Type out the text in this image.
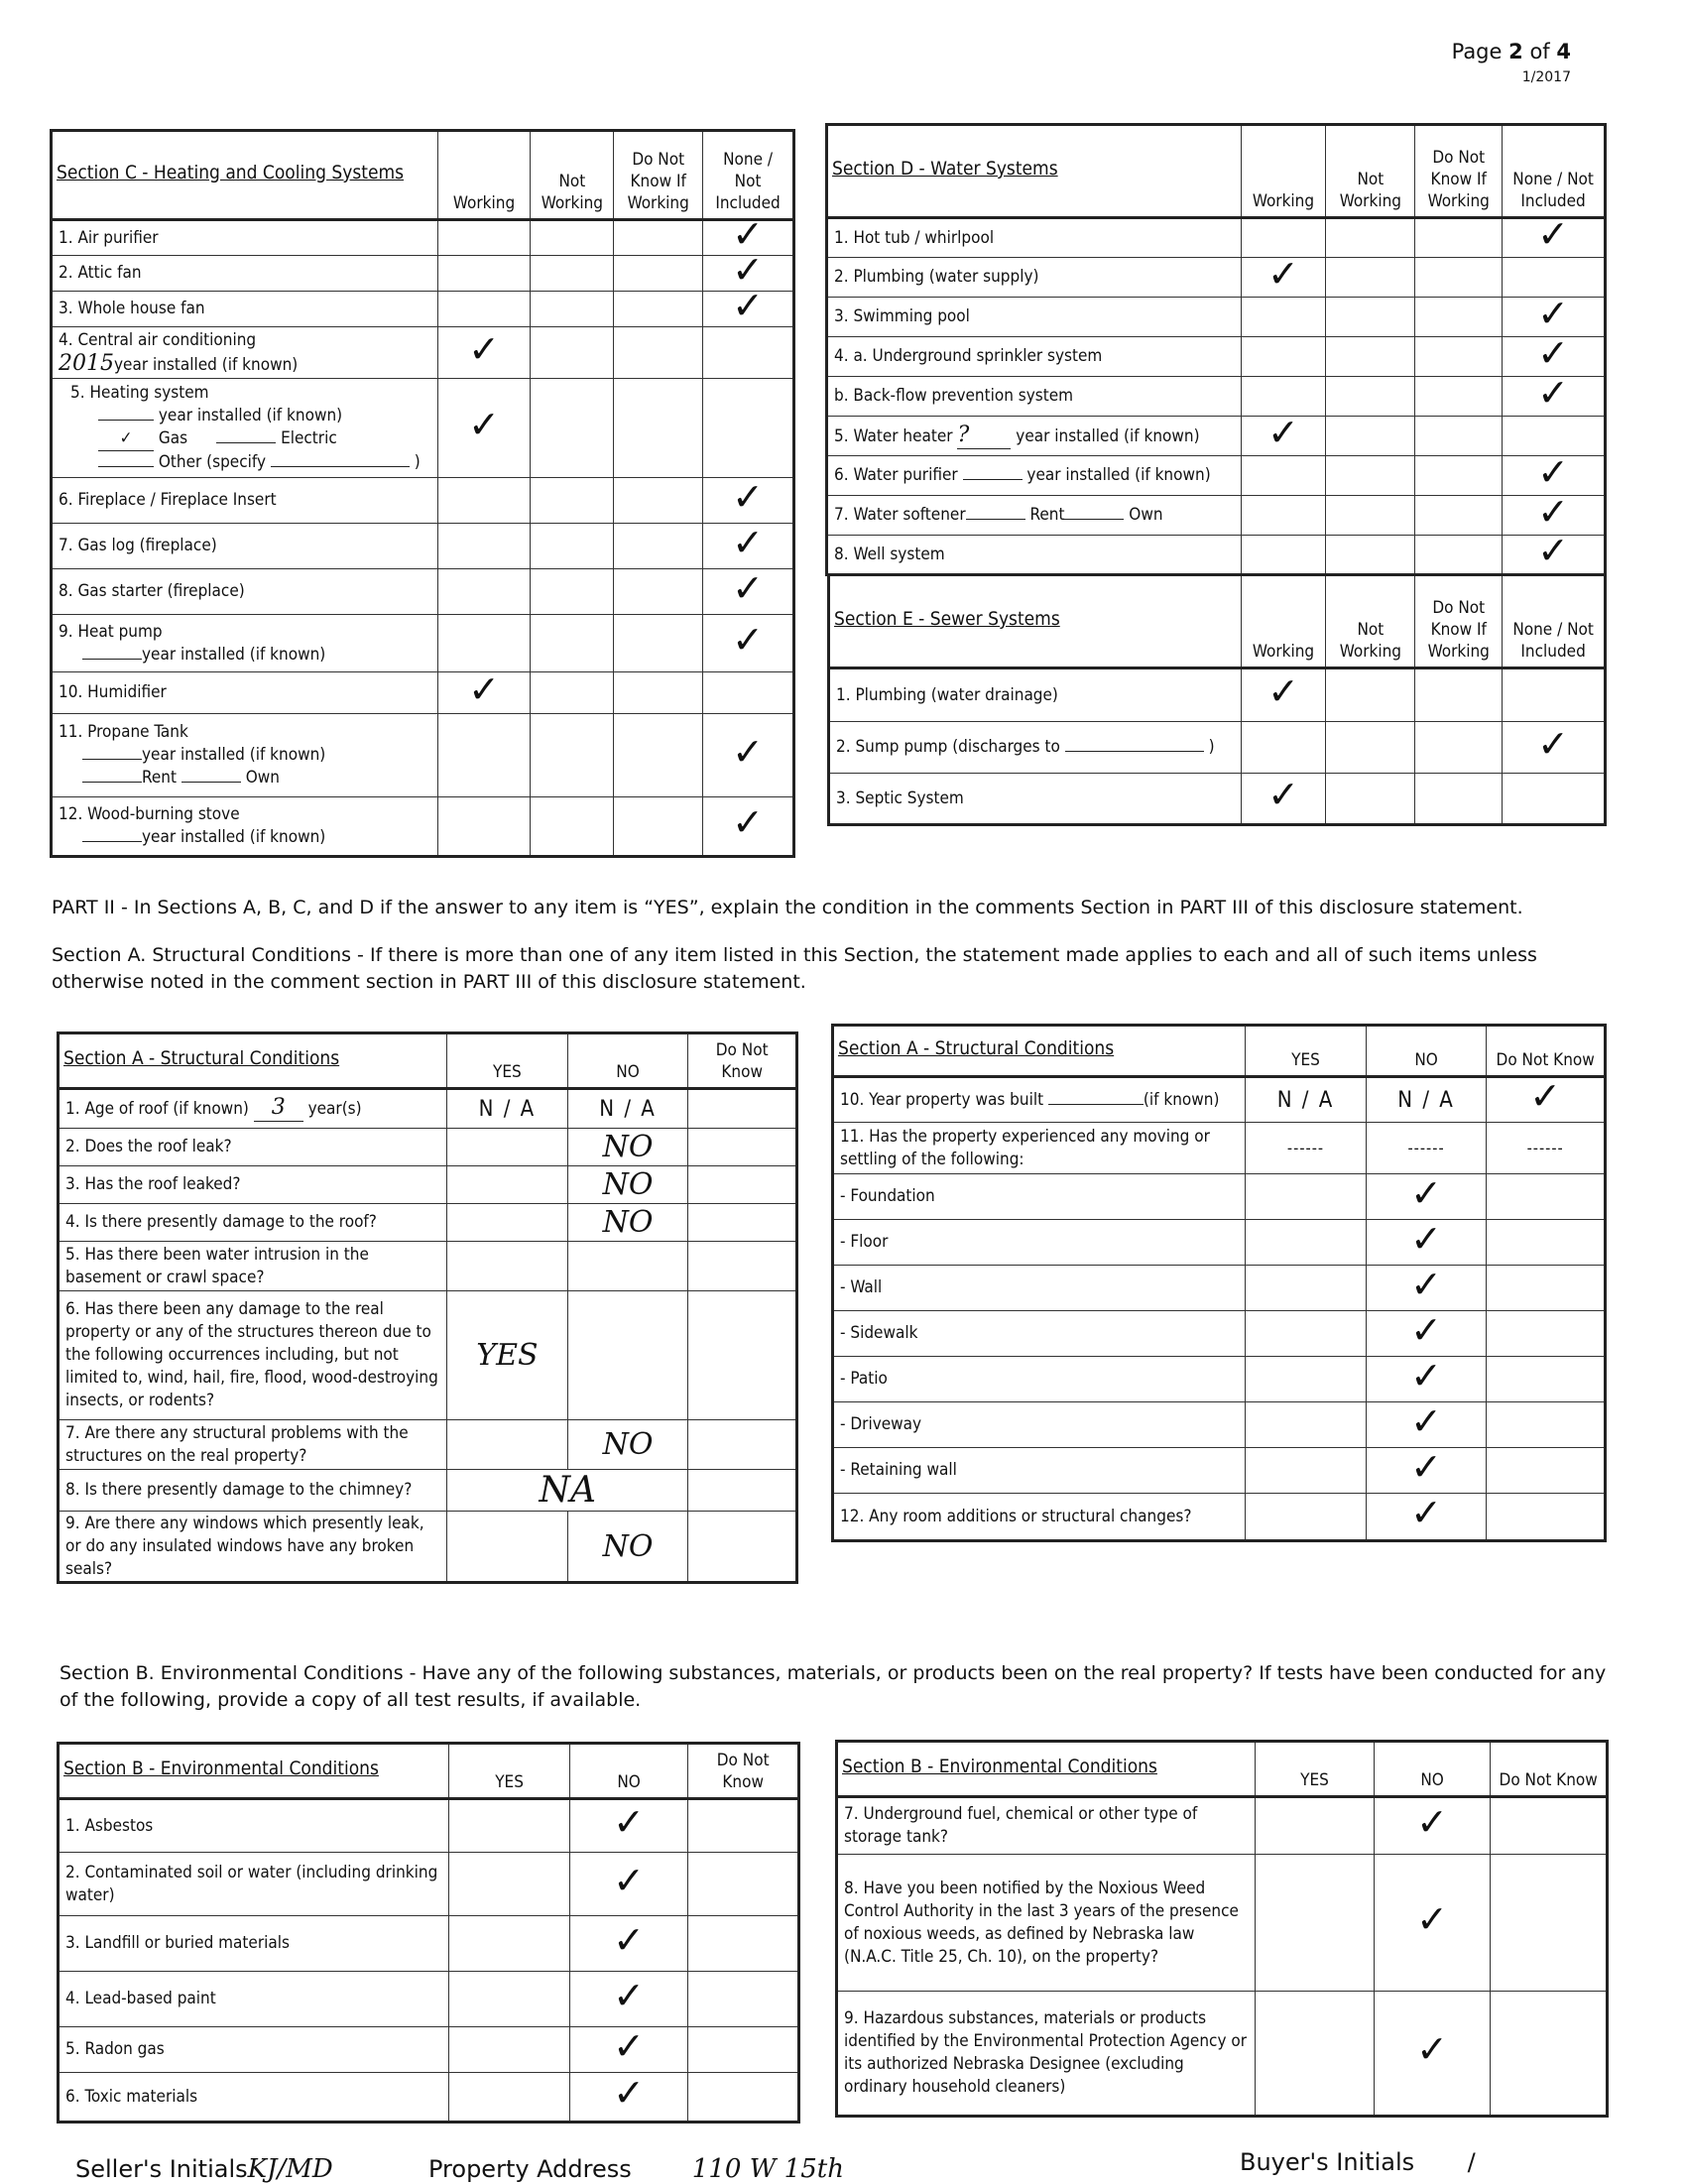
Page 2 of 4
1/2017
Section C - Heating and Cooling Systems	Working	Not Working	Do Not Know If Working	None / Not Included
1. Air purifier				✓
2. Attic fan				✓
3. Whole house fan				✓

4. Central air conditioning
2015year installed (if known)	✓			

5. Heating system
year installed (if known)
✓ Gas Electric
Other (specify )	✓			
6. Fireplace / Fireplace Insert				✓
7. Gas log (fireplace)				✓
8. Gas starter (fireplace)				✓

9. Heat pump
year installed (if known)				✓
10. Humidifier	✓			

11. Propane Tank
year installed (if known)
Rent Own				✓

12. Wood-burning stove
year installed (if known)				✓
Section D - Water Systems	Working	Not Working	Do Not Know If Working	None / Not Included
1. Hot tub / whirlpool				✓
2. Plumbing (water supply)	✓			
3. Swimming pool				✓
4. a. Underground sprinkler system				✓
b. Back-flow prevention system				✓
5. Water heater ? year installed (if known)	✓			
6. Water purifier year installed (if known)				✓
7. Water softener Rent Own				✓
8. Well system				✓
Section E - Sewer Systems	Working	Not Working	Do Not Know If Working	None / Not Included
1. Plumbing (water drainage)	✓			
2. Sump pump (discharges to )				✓
3. Septic System	✓			
PART II - In Sections A, B, C, and D if the answer to any item is “YES”, explain the condition in the comments Section in PART III of this disclosure statement.
Section A. Structural Conditions - If there is more than one of any item listed in this Section, the statement made applies to each and all of such items unless otherwise noted in the comment section in PART III of this disclosure statement.
Section A - Structural Conditions	YES	NO	Do Not Know
1. Age of roof (if known) 3 year(s)	N / A	N / A	
2. Does the roof leak?		NO	
3. Has the roof leaked?		NO	
4. Is there presently damage to the roof?		NO	
5. Has there been water intrusion in the basement or crawl space?			
6. Has there been any damage to the real property or any of the structures thereon due to the following occurrences including, but not limited to, wind, hail, fire, flood, wood-destroying insects, or rodents?	YES		
7. Are there any structural problems with the structures on the real property?		NO	
8. Is there presently damage to the chimney?	NA		
9. Are there any windows which presently leak, or do any insulated windows have any broken seals?		NO	
Section A - Structural Conditions	YES	NO	Do Not Know
10. Year property was built (if known)	N / A	N / A	✓
11. Has the property experienced any moving or settling of the following:	------	------	------
- Foundation		✓	
- Floor		✓	
- Wall		✓	
- Sidewalk		✓	
- Patio		✓	
- Driveway		✓	
- Retaining wall		✓	
12. Any room additions or structural changes?		✓	
Section B. Environmental Conditions - Have any of the following substances, materials, or products been on the real property? If tests have been conducted for any of the following, provide a copy of all test results, if available.
Section B - Environmental Conditions	YES	NO	Do Not Know
1. Asbestos		✓	
2. Contaminated soil or water (including drinking water)		✓	
3. Landfill or buried materials		✓	
4. Lead-based paint		✓	
5. Radon gas		✓	
6. Toxic materials		✓	
Section B - Environmental Conditions	YES	NO	Do Not Know
7. Underground fuel, chemical or other type of storage tank?		✓	
8. Have you been notified by the Noxious Weed Control Authority in the last 3 years of the presence of noxious weeds, as defined by Nebraska law (N.A.C. Title 25, Ch. 10), on the property?		✓	
9. Hazardous substances, materials or products identified by the Environmental Protection Agency or its authorized Nebraska Designee (excluding ordinary household cleaners)		✓	
Seller's InitialsKJ/MD	Property Address 110 W 15th	Buyer's Initials /
